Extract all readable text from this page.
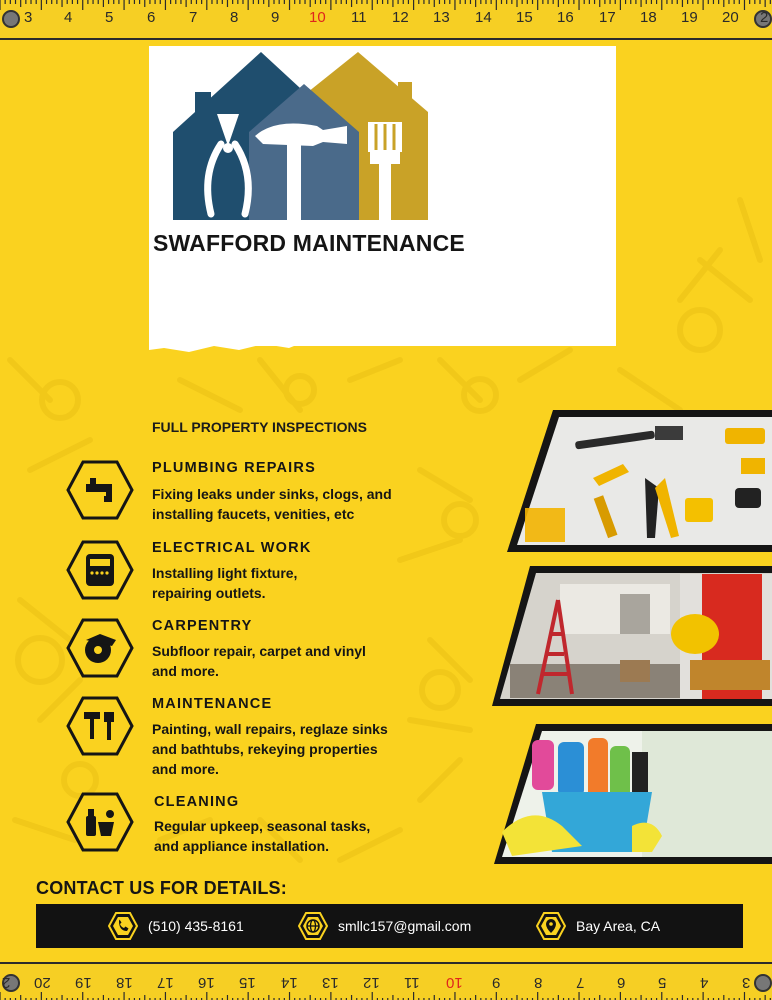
3 4 5 6 7 8 9 10 11 12 13 14 15 16 17 18 19 20 2
SWAFFORD MAINTENANCE
FULL PROPERTY INSPECTIONS
PLUMBING REPAIRS
Fixing leaks under sinks, clogs, and
installing faucets, venities, etc
ELECTRICAL WORK
Installing light fixture,
repairing outlets.
CARPENTRY
Subfloor repair, carpet and vinyl
and more.
MAINTENANCE
Painting, wall repairs, reglaze sinks
and bathtubs, rekeying properties
and more.
CLEANING
Regular upkeep, seasonal tasks,
and appliance installation.
CONTACT US FOR DETAILS:
(510) 435-8161	smllc157@gmail.com	Bay Area, CA
2 20 19 18 17 16 15 14 13 12 11 10 9 8 7 6 5 4 3
